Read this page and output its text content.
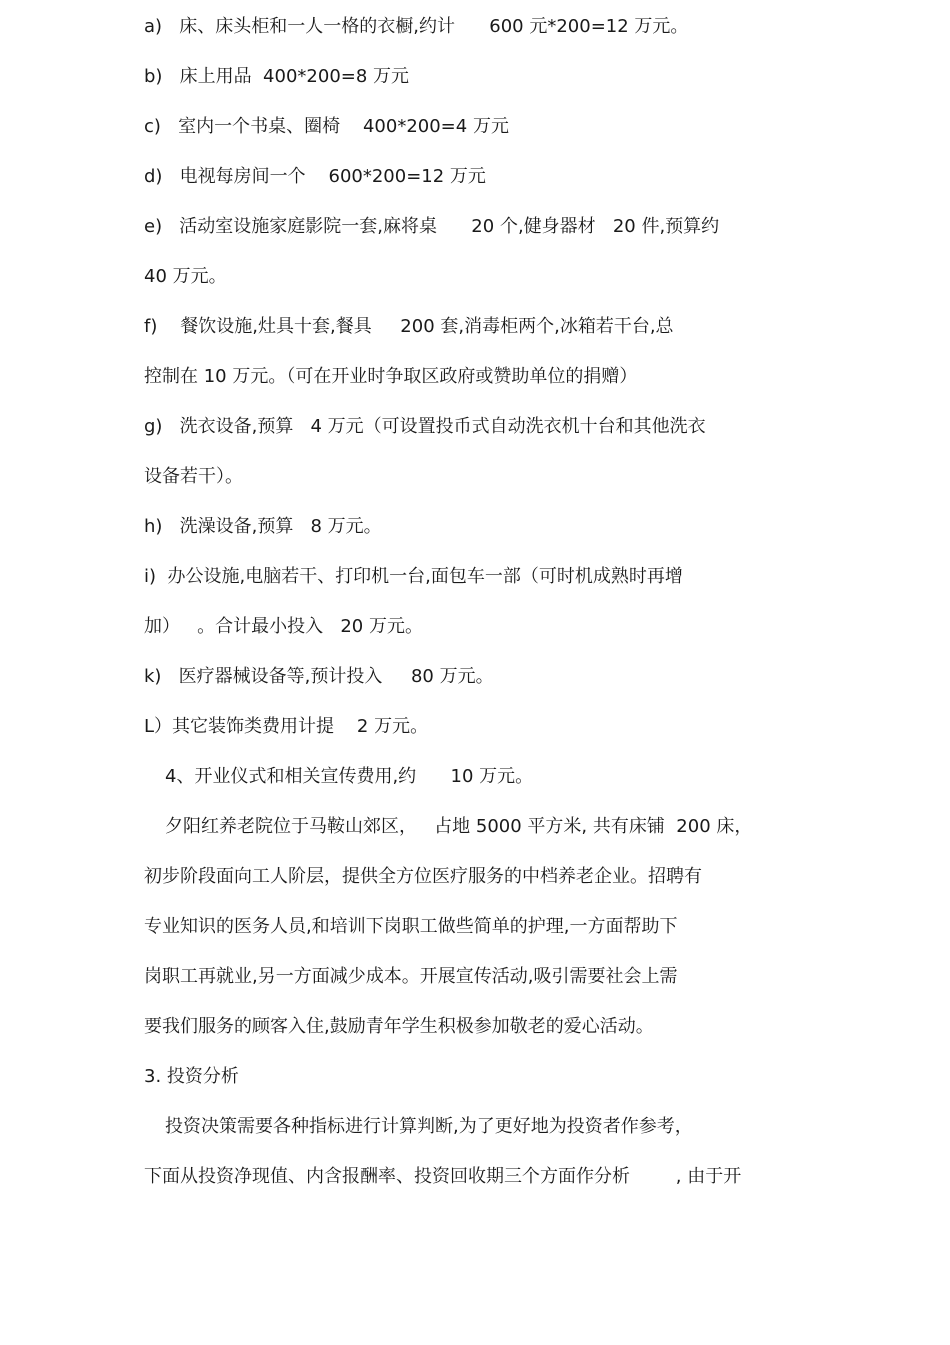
a)   床、床头柜和一人一格的衣橱,约计      600 元*200=12 万元。
b)   床上用品  400*200=8 万元
c)   室内一个书桌、圈椅    400*200=4 万元
d)   电视每房间一个    600*200=12 万元
e)   活动室设施家庭影院一套,麻将桌      20 个,健身器材   20 件,预算约
40 万元。
f)    餐饮设施,灶具十套,餐具     200 套,消毒柜两个,冰箱若干台,总
控制在 10 万元。（可在开业时争取区政府或赞助单位的捐赠）
g)   洗衣设备,预算   4 万元（可设置投币式自动洗衣机十台和其他洗衣
设备若干）。
h)   洗澡设备,预算   8 万元。
i)  办公设施,电脑若干、打印机一台,面包车一部（可时机成熟时再增
加）   。合计最小投入   20 万元。
k)   医疗器械设备等,预计投入     80 万元。
L）其它装饰类费用计提    2 万元。
4、开业仪式和相关宣传费用,约      10 万元。
夕阳红养老院位于马鞍山郊区，   占地 5000 平方米, 共有床铺  200 床，
初步阶段面向工人阶层，提供全方位医疗服务的中档养老企业。招聘有
专业知识的医务人员,和培训下岗职工做些简单的护理,一方面帮助下
岗职工再就业,另一方面减少成本。开展宣传活动,吸引需要社会上需
要我们服务的顾客入住,鼓励青年学生积极参加敬老的爱心活动。
3. 投资分析
投资决策需要各种指标进行计算判断,为了更好地为投资者作参考，
下面从投资净现值、内含报酬率、投资回收期三个方面作分析        , 由于开
